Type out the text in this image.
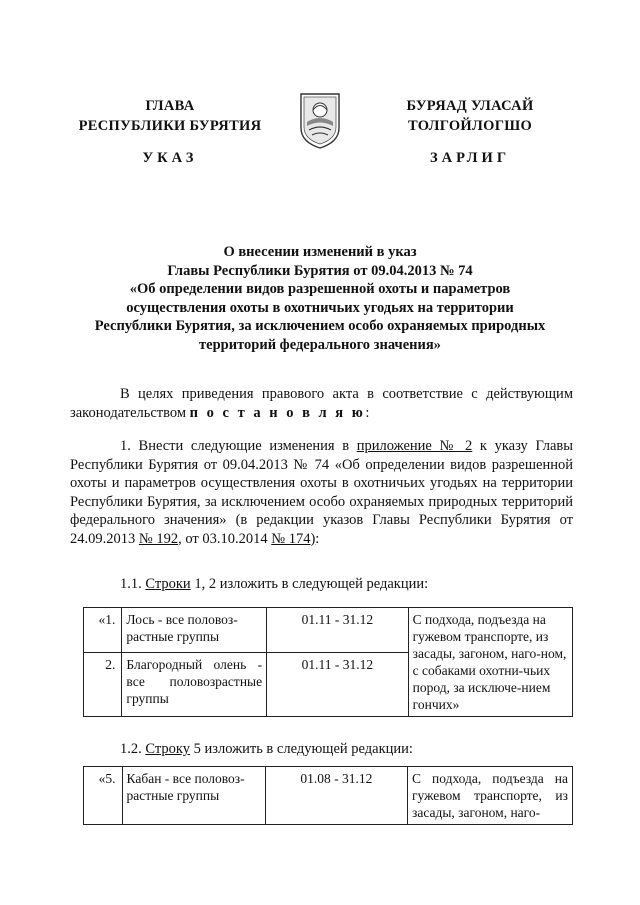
ГЛАВА
РЕСПУБЛИКИ БУРЯТИЯ
УКАЗ
БУРЯАД УЛАСАЙ
ТОЛГОЙЛОГШО
ЗАРЛИГ
О внесении изменений в указ
Главы Республики Бурятия от 09.04.2013 № 74
«Об определении видов разрешенной охоты и параметров
осуществления охоты в охотничьих угодьях на территории
Республики Бурятия, за исключением особо охраняемых природных
территорий федерального значения»
В целях приведения правового акта в соответствие с действующим законодательством п о с т а н о в л я ю:
1. Внести следующие изменения в приложение № 2 к указу Главы Республики Бурятия от 09.04.2013 № 74 «Об определении видов разрешенной охоты и параметров осуществления охоты в охотничьих угодьях на территории Республики Бурятия, за исключением особо охраняемых природных территорий федерального значения» (в редакции указов Главы Республики Бурятия от 24.09.2013 № 192, от 03.10.2014 № 174):
1.1. Строки 1, 2 изложить в следующей редакции:
«1.	Лось - все половоз-растные группы	01.11 - 31.12	С подхода, подъезда на гужевом транспорте, из засады, загоном, наго-ном, с собаками охотни-чьих пород, за исключе-нием гончих»
2.	Благородный олень - все половозрастные группы	01.11 - 31.12	
1.2. Строку 5 изложить в следующей редакции:
«5.	Кабан - все половоз-растные группы	01.08 - 31.12	С подхода, подъезда на гужевом транспорте, из засады, загоном, наго-
